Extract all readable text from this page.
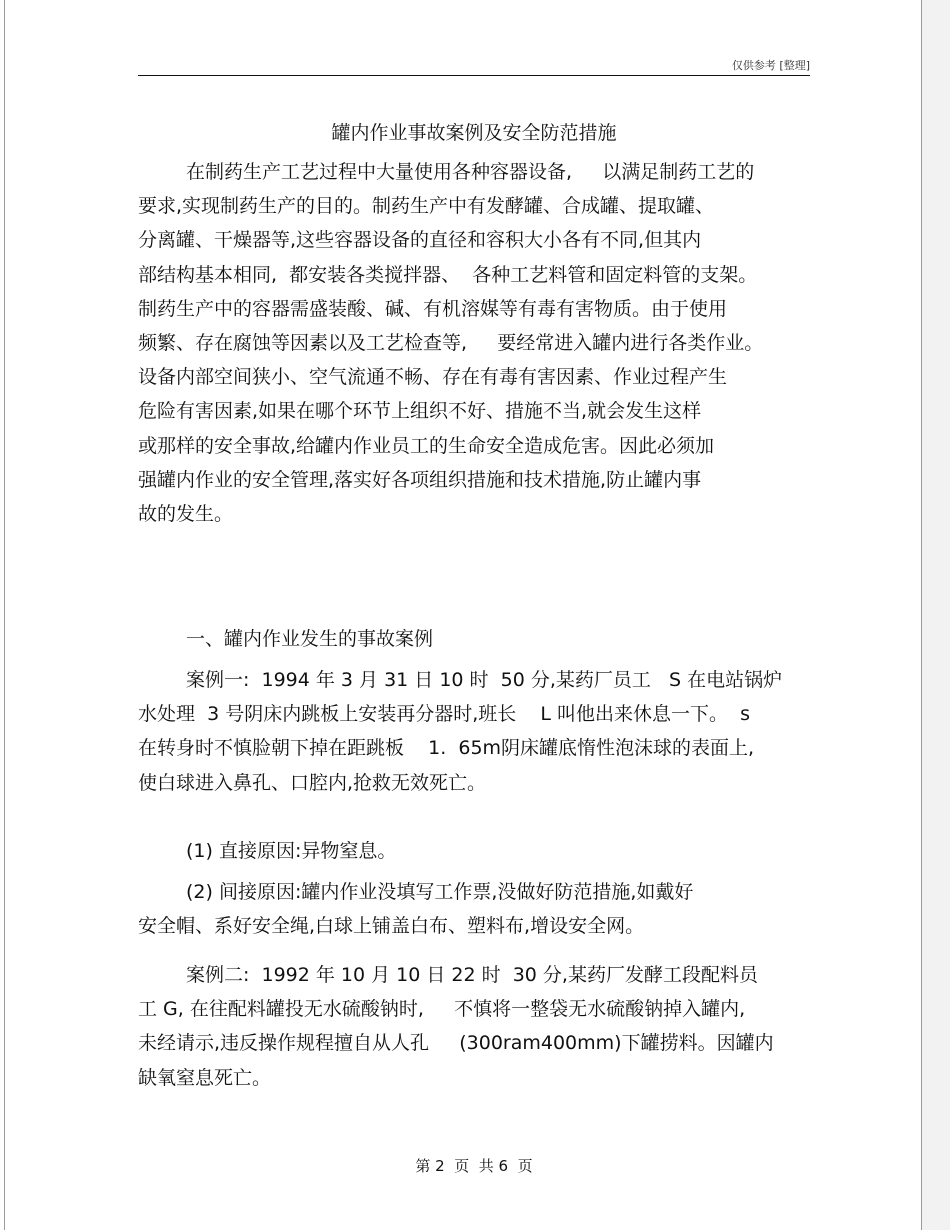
仅供参考 [整理]
罐内作业事故案例及安全防范措施
在制药生产工艺过程中大量使用各种容器设备,     以满足制药工艺的
要求,实现制药生产的目的。制药生产中有发酵罐、合成罐、提取罐、
分离罐、干燥器等,这些容器设备的直径和容积大小各有不同,但其内
部结构基本相同,  都安装各类搅拌器、  各种工艺料管和固定料管的支架。
制药生产中的容器需盛装酸、碱、有机溶媒等有毒有害物质。由于使用
频繁、存在腐蚀等因素以及工艺检查等,     要经常进入罐内进行各类作业。
设备内部空间狭小、空气流通不畅、存在有毒有害因素、作业过程产生
危险有害因素,如果在哪个环节上组织不好、措施不当,就会发生这样
或那样的安全事故,给罐内作业员工的生命安全造成危害。因此必须加
强罐内作业的安全管理,落实好各项组织措施和技术措施,防止罐内事
故的发生。
一、罐内作业发生的事故案例
案例一:  1994 年 3 月 31 日 10 时  50 分,某药厂员工   S 在电站锅炉
水处理  3 号阴床内跳板上安装再分器时,班长    L 叫他出来休息一下。  s
在转身时不慎脸朝下掉在距跳板    1.  65m阴床罐底惰性泡沫球的表面上,
使白球进入鼻孔、口腔内,抢救无效死亡。
(1) 直接原因:异物窒息。
(2) 间接原因:罐内作业没填写工作票,没做好防范措施,如戴好
安全帽、系好安全绳,白球上铺盖白布、塑料布,增设安全网。
案例二:  1992 年 10 月 10 日 22 时  30 分,某药厂发酵工段配料员
工 G, 在往配料罐投无水硫酸钠时,     不慎将一整袋无水硫酸钠掉入罐内,
未经请示,违反操作规程擅自从人孔     (300ram400mm)下罐捞料。因罐内
缺氧窒息死亡。
第 2  页  共 6  页
